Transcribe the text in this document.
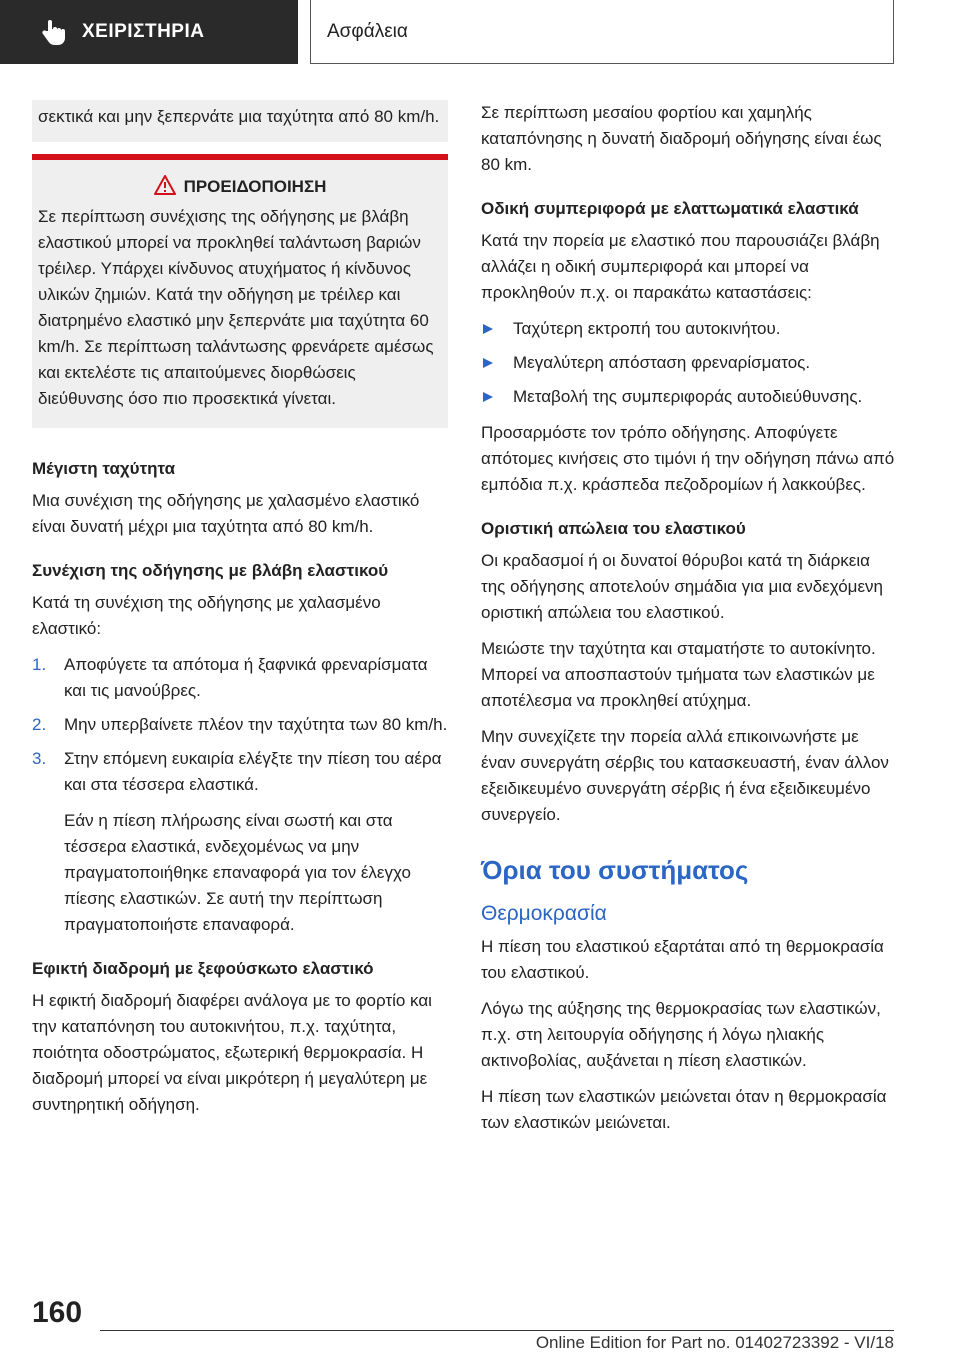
ΧΕΙΡΙΣΤΗΡΙΑ	Ασφάλεια

σεκτικά και μην ξεπερνάτε μια ταχύτητα από 80 km/h.

ΠΡΟΕΙΔΟΠΟΙΗΣΗ

Σε περίπτωση συνέχισης της οδήγησης με βλάβη ελαστικού μπορεί να προκληθεί ταλάντωση βαριών τρέιλερ. Υπάρχει κίνδυνος ατυχήματος ή κίνδυνος υλικών ζημιών. Κατά την οδήγηση με τρέιλερ και διατρημένο ελαστικό μην ξεπερνάτε μια ταχύτητα 60 km/h. Σε περίπτωση ταλάντωσης φρενάρετε αμέσως και εκτελέστε τις απαιτούμενες διορθώσεις διεύθυνσης όσο πιο προσεκτικά γίνεται.

Μέγιστη ταχύτητα

Μια συνέχιση της οδήγησης με χαλασμένο ελαστικό είναι δυνατή μέχρι μια ταχύτητα από 80 km/h.

Συνέχιση της οδήγησης με βλάβη ελαστικού

Κατά τη συνέχιση της οδήγησης με χαλασμένο ελαστικό:

1. Αποφύγετε τα απότομα ή ξαφνικά φρεναρίσματα και τις μανούβρες.
2. Μην υπερβαίνετε πλέον την ταχύτητα των 80 km/h.
3. Στην επόμενη ευκαιρία ελέγξτε την πίεση του αέρα και στα τέσσερα ελαστικά.

Εάν η πίεση πλήρωσης είναι σωστή και στα τέσσερα ελαστικά, ενδεχομένως να μην πραγματοποιήθηκε επαναφορά για τον έλεγχο πίεσης ελαστικών. Σε αυτή την περίπτωση πραγματοποιήστε επαναφορά.

Εφικτή διαδρομή με ξεφούσκωτο ελαστικό

Η εφικτή διαδρομή διαφέρει ανάλογα με το φορτίο και την καταπόνηση του αυτοκινήτου, π.χ. ταχύτητα, ποιότητα οδοστρώματος, εξωτερική θερμοκρασία. Η διαδρομή μπορεί να είναι μικρότερη ή μεγαλύτερη με συντηρητική οδήγηση.

Σε περίπτωση μεσαίου φορτίου και χαμηλής καταπόνησης η δυνατή διαδρομή οδήγησης είναι έως 80 km.

Οδική συμπεριφορά με ελαττωματικά ελαστικά

Κατά την πορεία με ελαστικό που παρουσιάζει βλάβη αλλάζει η οδική συμπεριφορά και μπορεί να προκληθούν π.χ. οι παρακάτω καταστάσεις:

Ταχύτερη εκτροπή του αυτοκινήτου.
Μεγαλύτερη απόσταση φρεναρίσματος.
Μεταβολή της συμπεριφοράς αυτοδιεύθυνσης.

Προσαρμόστε τον τρόπο οδήγησης. Αποφύγετε απότομες κινήσεις στο τιμόνι ή την οδήγηση πάνω από εμπόδια π.χ. κράσπεδα πεζοδρομίων ή λακκούβες.

Οριστική απώλεια του ελαστικού

Οι κραδασμοί ή οι δυνατοί θόρυβοι κατά τη διάρκεια της οδήγησης αποτελούν σημάδια για μια ενδεχόμενη οριστική απώλεια του ελαστικού.

Μειώστε την ταχύτητα και σταματήστε το αυτοκίνητο. Μπορεί να αποσπαστούν τμήματα των ελαστικών με αποτέλεσμα να προκληθεί ατύχημα.

Μην συνεχίζετε την πορεία αλλά επικοινωνήστε με έναν συνεργάτη σέρβις του κατασκευαστή, έναν άλλον εξειδικευμένο συνεργάτη σέρβις ή ένα εξειδικευμένο συνεργείο.

Όρια του συστήματος
Θερμοκρασία

Η πίεση του ελαστικού εξαρτάται από τη θερμοκρασία του ελαστικού.

Λόγω της αύξησης της θερμοκρασίας των ελαστικών, π.χ. στη λειτουργία οδήγησης ή λόγω ηλιακής ακτινοβολίας, αυξάνεται η πίεση ελαστικών.

Η πίεση των ελαστικών μειώνεται όταν η θερμοκρασία των ελαστικών μειώνεται.

160
Online Edition for Part no. 01402723392 - VI/18
